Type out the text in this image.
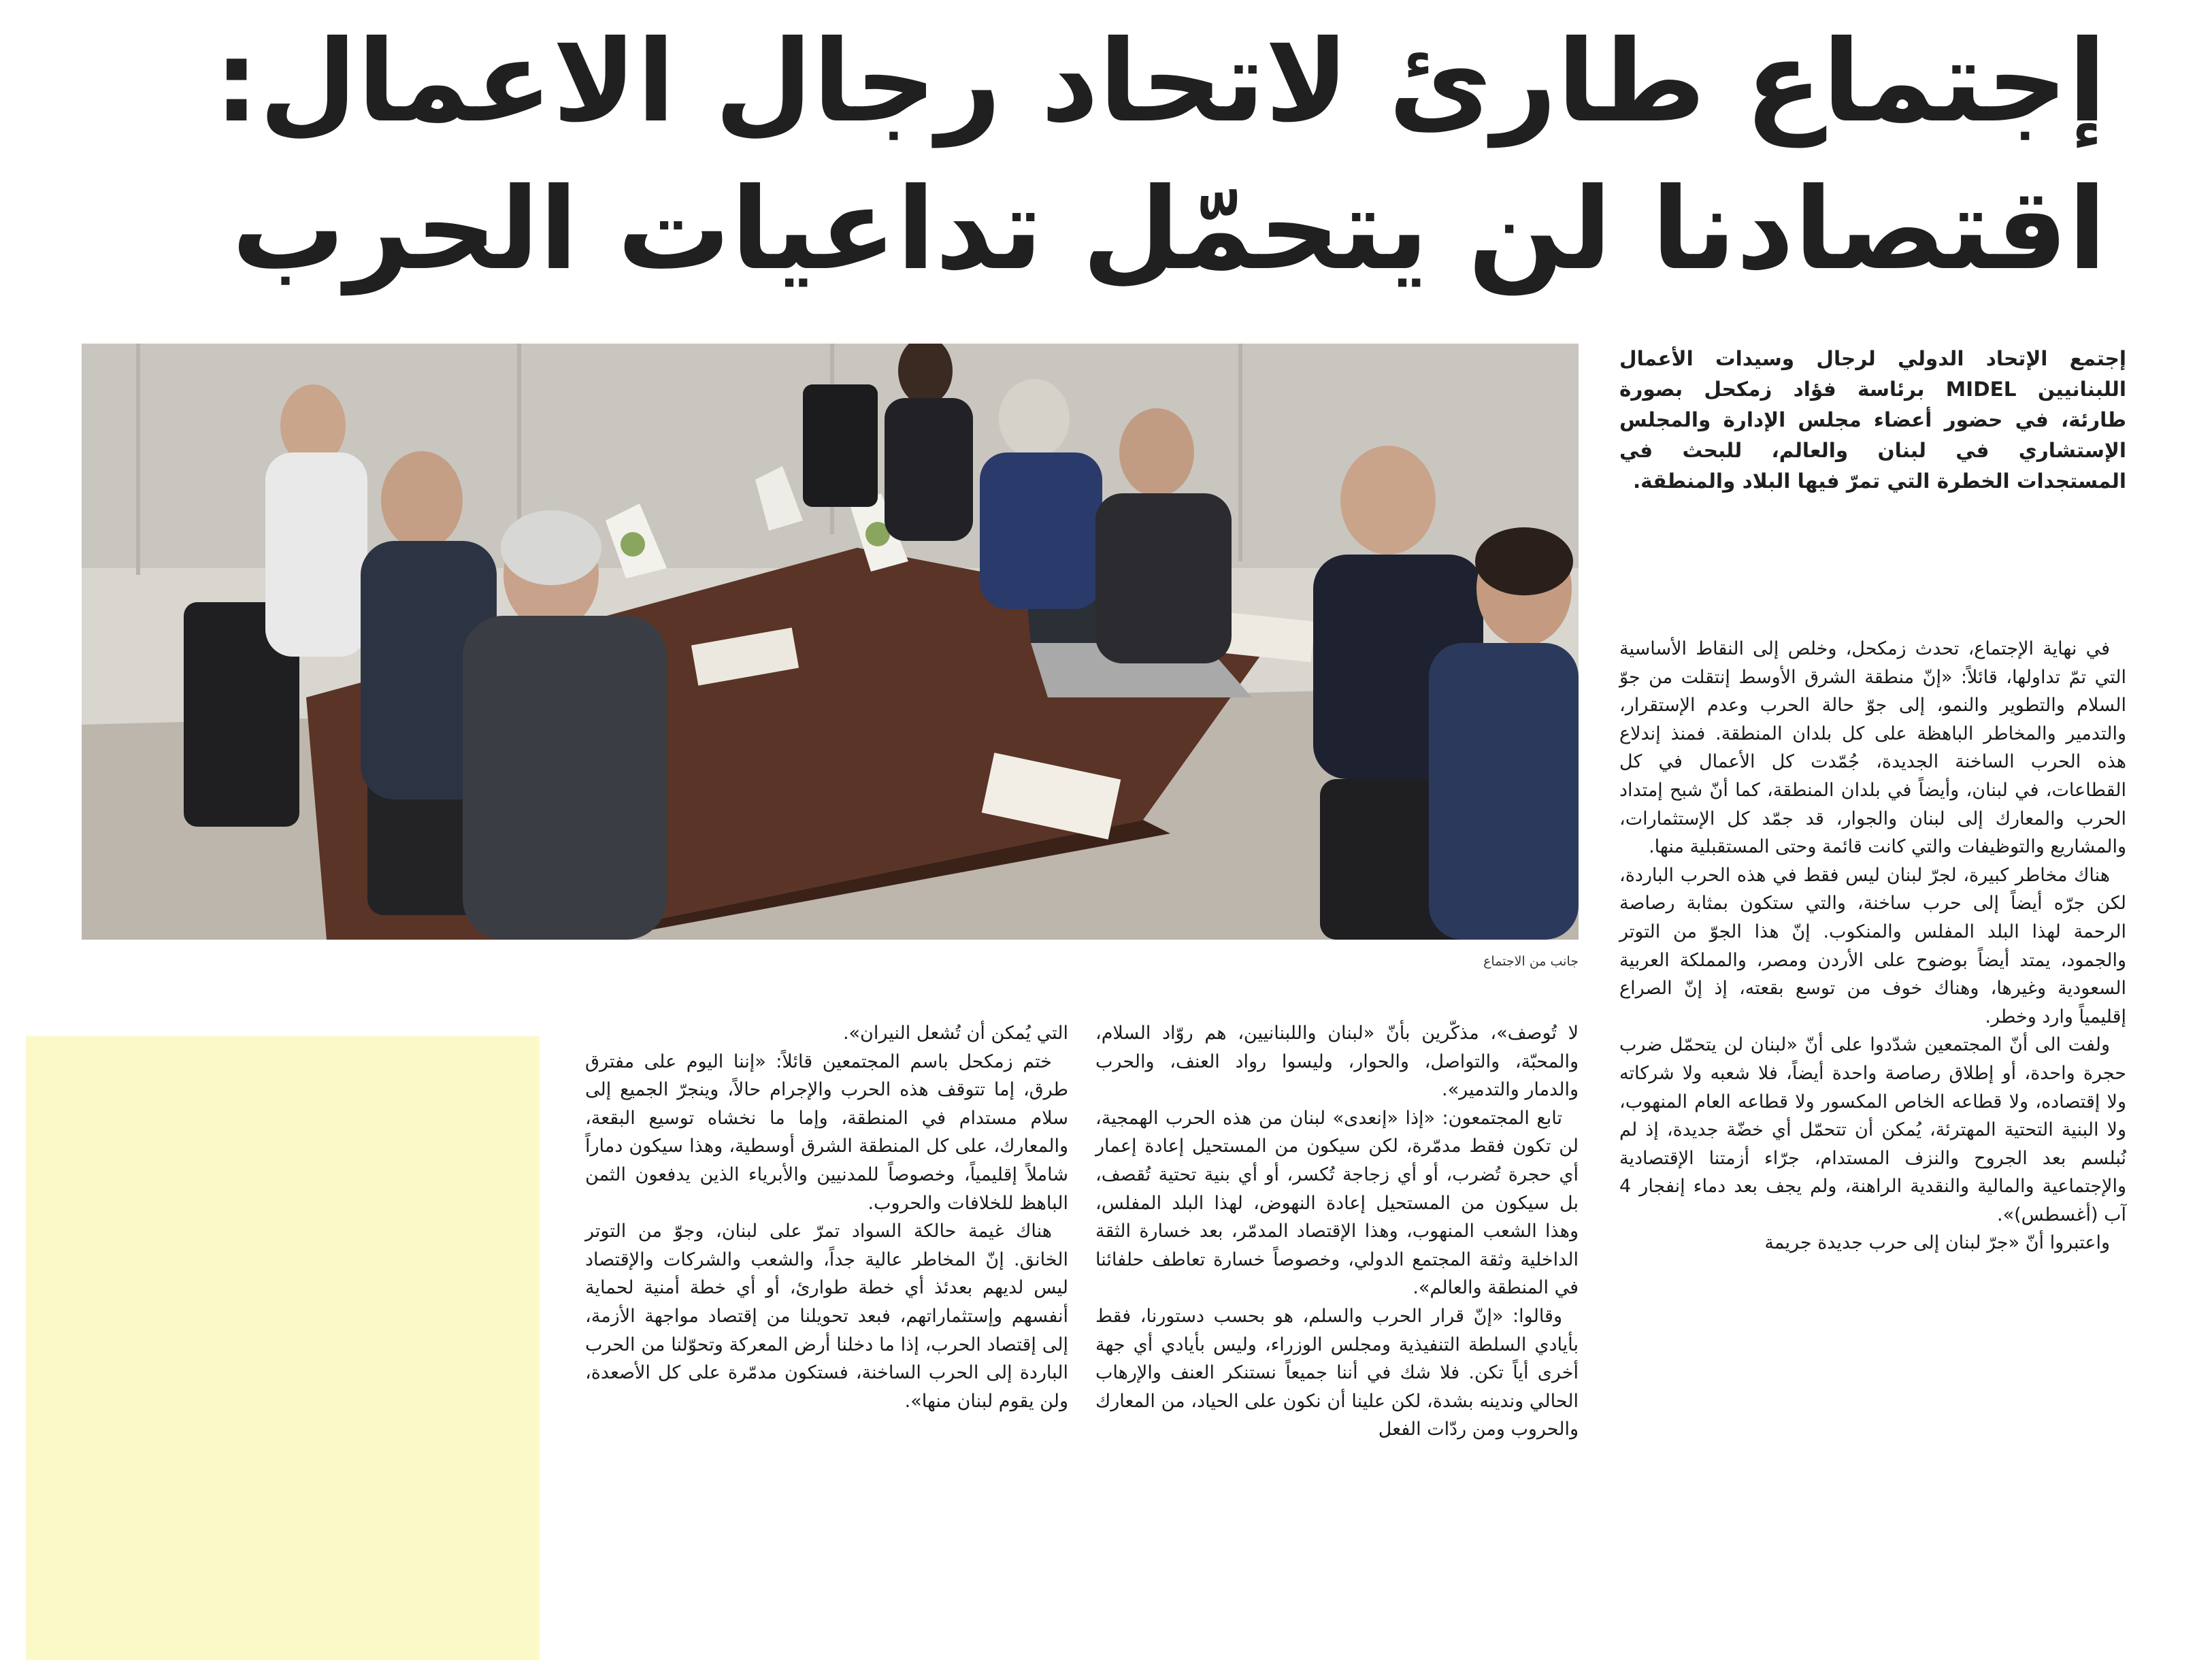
إجتماع طارئ لاتحاد رجال الاعمال:
اقتصادنا لن يتحمّل تداعيات الحرب
جانب من الاجتماع

إجتمع الإتحاد الدولي لرجال وسيدات الأعمال اللبنانيين MIDEL برئاسة فؤاد زمكحل بصورة طارئة، في حضور أعضاء مجلس الإدارة والمجلس الإستشاري في لبنان والعالم، للبحث في المستجدات الخطرة التي تمرّ فيها البلاد والمنطقة.

في نهاية الإجتماع، تحدث زمكحل، وخلص إلى النقاط الأساسية التي تمّ تداولها، قائلاً: «إنّ منطقة الشرق الأوسط إنتقلت من جوّ السلام والتطوير والنمو، إلى جوّ حالة الحرب وعدم الإستقرار، والتدمير والمخاطر الباهظة على كل بلدان المنطقة. فمنذ إندلاع هذه الحرب الساخنة الجديدة، جُمّدت كل الأعمال في كل القطاعات، في لبنان، وأيضاً في بلدان المنطقة، كما أنّ شبح إمتداد الحرب والمعارك إلى لبنان والجوار، قد جمّد كل الإستثمارات، والمشاريع والتوظيفات والتي كانت قائمة وحتى المستقبلية منها.

هناك مخاطر كبيرة، لجرّ لبنان ليس فقط في هذه الحرب الباردة، لكن جرّه أيضاً إلى حرب ساخنة، والتي ستكون بمثابة رصاصة الرحمة لهذا البلد المفلس والمنكوب. إنّ هذا الجوّ من التوتر والجمود، يمتد أيضاً بوضوح على الأردن ومصر، والمملكة العربية السعودية وغيرها، وهناك خوف من توسع بقعته، إذ إنّ الصراع إقليمياً وارد وخطر.

ولفت الى أنّ المجتمعين شدّدوا على أنّ «لبنان لن يتحمّل ضرب حجرة واحدة، أو إطلاق رصاصة واحدة أيضاً، فلا شعبه ولا شركاته ولا إقتصاده، ولا قطاعه الخاص المكسور ولا قطاعه العام المنهوب، ولا البنية التحتية المهترئة، يُمكن أن تتحمّل أي خضّة جديدة، إذ لم نُبلسم بعد الجروح والنزف المستدام، جرّاء أزمتنا الإقتصادية والإجتماعية والمالية والنقدية الراهنة، ولم يجف بعد دماء إنفجار 4 آب (أغسطس)».

واعتبروا أنّ «جرّ لبنان إلى حرب جديدة جريمة

لا تُوصف»، مذكّرين بأنّ «لبنان واللبنانيين، هم روّاد السلام، والمحبّة، والتواصل، والحوار، وليسوا رواد العنف، والحرب والدمار والتدمير».

تابع المجتمعون: «إذا «إنعدى» لبنان من هذه الحرب الهمجية، لن تكون فقط مدمّرة، لكن سيكون من المستحيل إعادة إعمار أي حجرة تُضرب، أو أي زجاجة تُكسر، أو أي بنية تحتية تُقصف، بل سيكون من المستحيل إعادة النهوض، لهذا البلد المفلس، وهذا الشعب المنهوب، وهذا الإقتصاد المدمّر، بعد خسارة الثقة الداخلية وثقة المجتمع الدولي، وخصوصاً خسارة تعاطف حلفائنا في المنطقة والعالم».

وقالوا: «إنّ قرار الحرب والسلم، هو بحسب دستورنا، فقط بأيادي السلطة التنفيذية ومجلس الوزراء، وليس بأيادي أي جهة أخرى أياً تكن. فلا شك في أننا جميعاً نستنكر العنف والإرهاب الحالي وندينه بشدة، لكن علينا أن نكون على الحياد، من المعارك والحروب ومن ردّات الفعل

التي يُمكن أن تُشعل النيران».

ختم زمكحل باسم المجتمعين قائلاً: «إننا اليوم على مفترق طرق، إما تتوقف هذه الحرب والإجرام حالاً، وينجرّ الجميع إلى سلام مستدام في المنطقة، وإما ما نخشاه توسيع البقعة، والمعارك، على كل المنطقة الشرق أوسطية، وهذا سيكون دماراً شاملاً إقليمياً، وخصوصاً للمدنيين والأبرياء الذين يدفعون الثمن الباهظ للخلافات والحروب.

هناك غيمة حالكة السواد تمرّ على لبنان، وجوّ من التوتر الخانق. إنّ المخاطر عالية جداً، والشعب والشركات والإقتصاد ليس لديهم بعدئذ أي خطة طوارئ، أو أي خطة أمنية لحماية أنفسهم وإستثماراتهم، فبعد تحويلنا من إقتصاد مواجهة الأزمة، إلى إقتصاد الحرب، إذا ما دخلنا أرض المعركة وتحوّلنا من الحرب الباردة إلى الحرب الساخنة، فستكون مدمّرة على كل الأصعدة، ولن يقوم لبنان منها».
